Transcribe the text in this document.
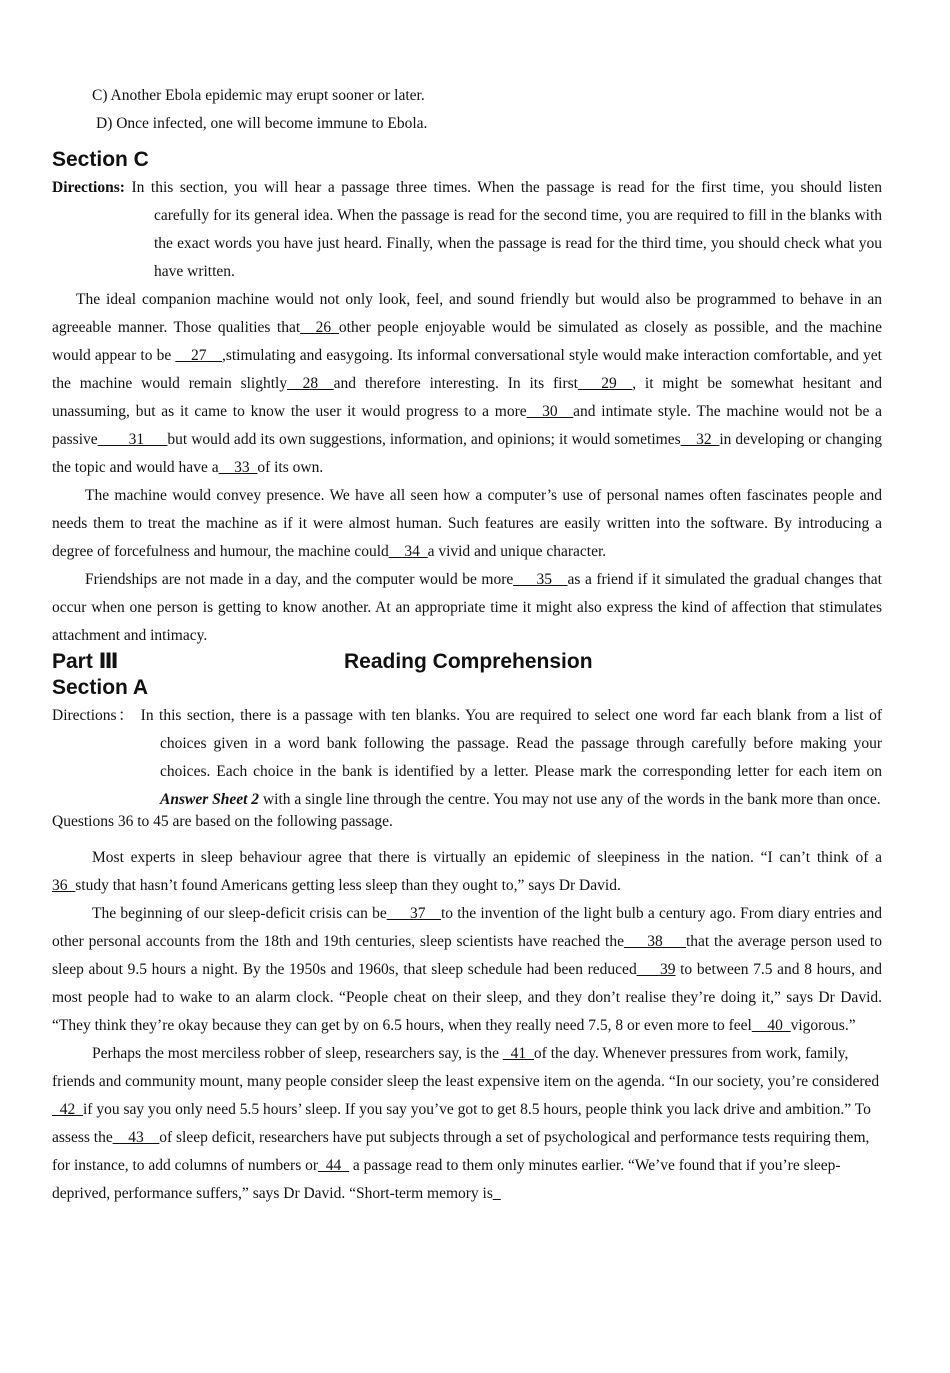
C) Another Ebola epidemic may erupt sooner or later.
D) Once infected, one will become immune to Ebola.
Section C
Directions: In this section, you will hear a passage three times. When the passage is read for the first time, you should listen carefully for its general idea. When the passage is read for the second time, you are required to fill in the blanks with the exact words you have just heard. Finally, when the passage is read for the third time, you should check what you have written.

The ideal companion machine would not only look, feel, and sound friendly but would also be programmed to behave in an agreeable manner. Those qualities that__26_other people enjoyable would be simulated as closely as possible, and the machine would appear to be __27__,stimulating and easygoing. Its informal conversational style would make interaction comfortable, and yet the machine would remain slightly__28__and therefore interesting. In its first___29__, it might be somewhat hesitant and unassuming, but as it came to know the user it would progress to a more__30__and intimate style. The machine would not be a passive____31___but would add its own suggestions, information, and opinions; it would sometimes__32_in developing or changing the topic and would have a__33_of its own.

The machine would convey presence. We have all seen how a computer’s use of personal names often fascinates people and needs them to treat the machine as if it were almost human. Such features are easily written into the software. By introducing a degree of forcefulness and humour, the machine could__34_a vivid and unique character.

Friendships are not made in a day, and the computer would be more___35__as a friend if it simulated the gradual changes that occur when one person is getting to know another. At an appropriate time it might also express the kind of affection that stimulates attachment and intimacy.

Part Ⅲ	Reading Comprehension
Section A
Directions： In this section, there is a passage with ten blanks. You are required to select one word far each blank from a list of choices given in a word bank following the passage. Read the passage through carefully before making your choices. Each choice in the bank is identified by a letter. Please mark the corresponding letter for each item on Answer Sheet 2 with a single line through the centre. You may not use any of the words in the bank more than once.
Questions 36 to 45 are based on the following passage.

Most experts in sleep behaviour agree that there is virtually an epidemic of sleepiness in the nation. “I can’t think of a 36_study that hasn’t found Americans getting less sleep than they ought to,” says Dr David.

The beginning of our sleep-deficit crisis can be___37__to the invention of the light bulb a century ago. From diary entries and other personal accounts from the 18th and 19th centuries, sleep scientists have reached the___38___that the average person used to sleep about 9.5 hours a night. By the 1950s and 1960s, that sleep schedule had been reduced___39 to between 7.5 and 8 hours, and most people had to wake to an alarm clock. “People cheat on their sleep, and they don’t realise they’re doing it,” says Dr David. “They think they’re okay because they can get by on 6.5 hours, when they really need 7.5, 8 or even more to feel__40_vigorous.”

Perhaps the most merciless robber of sleep, researchers say, is the _41_of the day. Whenever pressures from work, family, friends and community mount, many people consider sleep the least expensive item on the agenda. “In our society, you’re considered _42_if you say you only need 5.5 hours’ sleep. If you say you’ve got to get 8.5 hours, people think you lack drive and ambition.” To assess the__43__of sleep deficit, researchers have put subjects through a set of psychological and performance tests requiring them, for instance, to add columns of numbers or_44_ a passage read to them only minutes earlier. “We’ve found that if you’re sleep-deprived, performance suffers,” says Dr David. “Short-term memory is_
